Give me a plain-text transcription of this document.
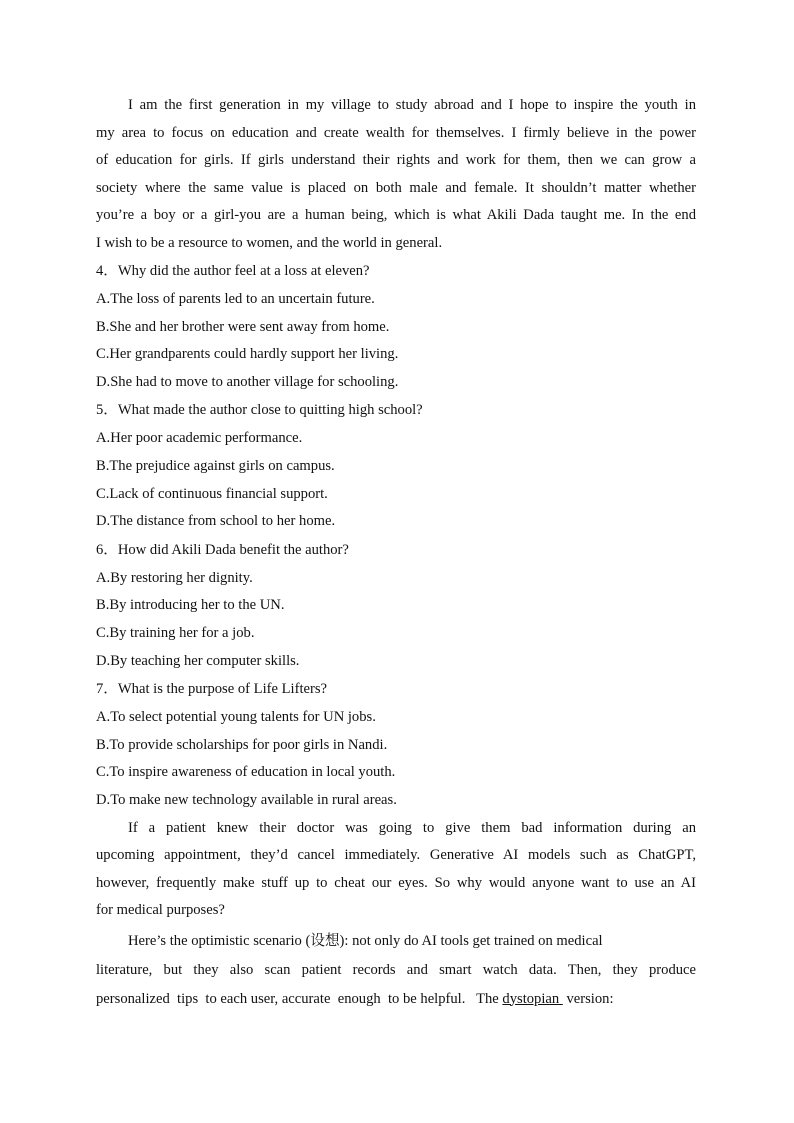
I am the first generation in my village to study abroad and I hope to inspire the youth in
my area to focus on education and create wealth for themselves. I firmly believe in the power
of education for girls. If girls understand their rights and work for them, then we can grow a
society where the same value is placed on both male and female. It shouldn’t matter whether
you’re a boy or a girl-you are a human being, which is what Akili Dada taught me. In the end
I wish to be a resource to women, and the world in general.

4．Why did the author feel at a loss at eleven?

A.The loss of parents led to an uncertain future.

B.She and her brother were sent away from home.

C.Her grandparents could hardly support her living.

D.She had to move to another village for schooling.

5．What made the author close to quitting high school?

A.Her poor academic performance.

B.The prejudice against girls on campus.

C.Lack of continuous financial support.

D.The distance from school to her home.

6．How did Akili Dada benefit the author?

A.By restoring her dignity.

B.By introducing her to the UN.

C.By training her for a job.

D.By teaching her computer skills.

7．What is the purpose of Life Lifters?

A.To select potential young talents for UN jobs.

B.To provide scholarships for poor girls in Nandi.

C.To inspire awareness of education in local youth.

D.To make new technology available in rural areas.

If a patient knew their doctor was going to give them bad information during an
upcoming appointment, they’d cancel immediately. Generative AI models such as ChatGPT,
however, frequently make stuff up to cheat our eyes. So why would anyone want to use an AI
for medical purposes?
Here’s the optimistic scenario (设想): not only do AI tools get trained on medical
literature, but they also scan patient records and smart watch data. Then, they produce
personalized  tips  to each user, accurate  enough  to be helpful.   The dystopian  version:
